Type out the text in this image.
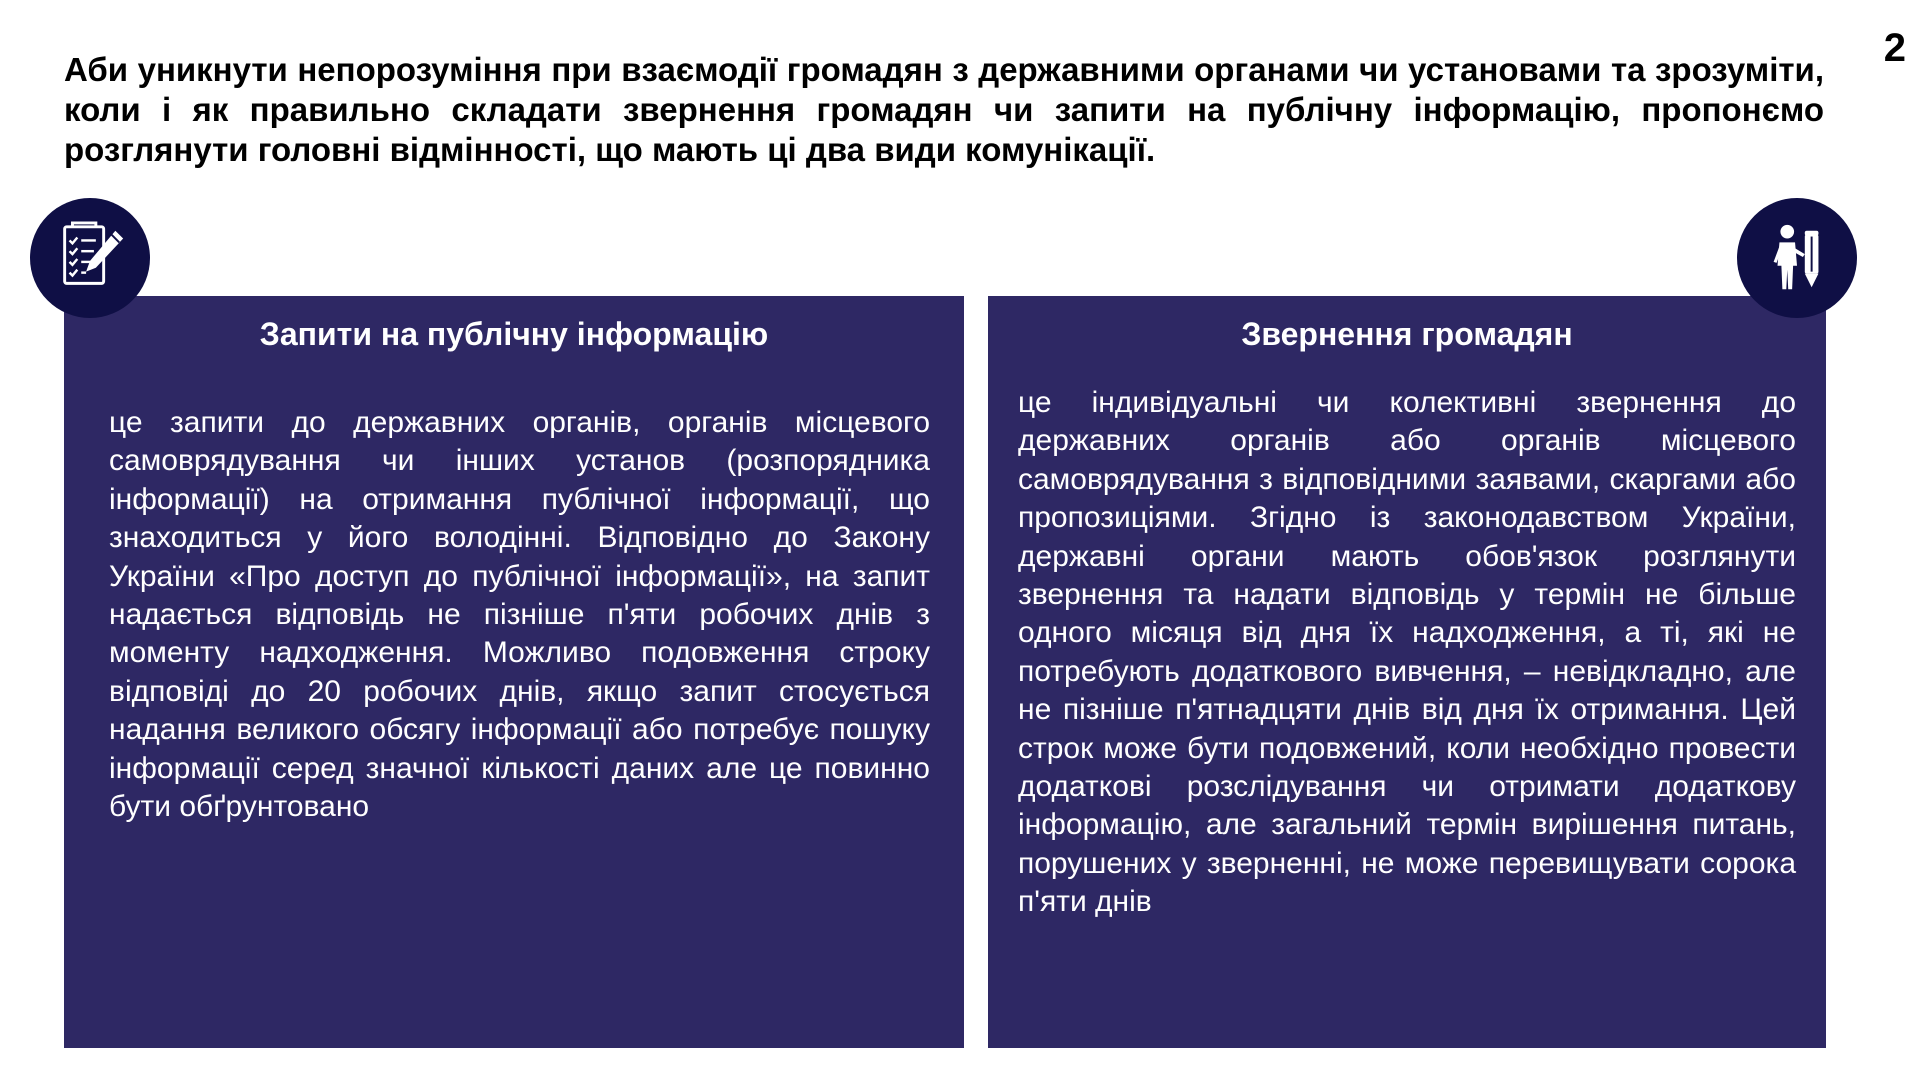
2

Аби уникнути непорозуміння при взаємодії громадян з державними органами чи установами та зрозуміти, коли і як правильно складати звернення громадян чи запити на публічну інформацію, пропонємо розглянути головні відмінності, що мають ці два види комунікації.

Запити на публічну інформацію

це запити до державних органів, органів місцевого самоврядування чи інших установ (розпорядника інформації) на отримання публічної інформації, що знаходиться у його володінні. Відповідно до Закону України «Про доступ до публічної інформації», на запит надається відповідь не пізніше п'яти робочих днів з моменту надходження. Можливо подовження строку відповіді до 20 робочих днів, якщо запит стосується надання великого обсягу інформації або потребує пошуку інформації серед значної кількості даних але це повинно бути обґрунтовано

Звернення громадян

це індивідуальні чи колективні звернення до державних органів або органів місцевого самоврядування з відповідними заявами, скаргами або пропозиціями. Згідно із законодавством України, державні органи мають обов'язок розглянути звернення та надати відповідь у термін не більше одного місяця від дня їх надходження, а ті, які не потребують додаткового вивчення, – невідкладно, але не пізніше п'ятнадцяти днів від дня їх отримання. Цей строк може бути подовжений, коли необхідно провести додаткові розслідування чи отримати додаткову інформацію, але загальний термін вирішення питань, порушених у зверненні, не може перевищувати сорока п'яти днів
